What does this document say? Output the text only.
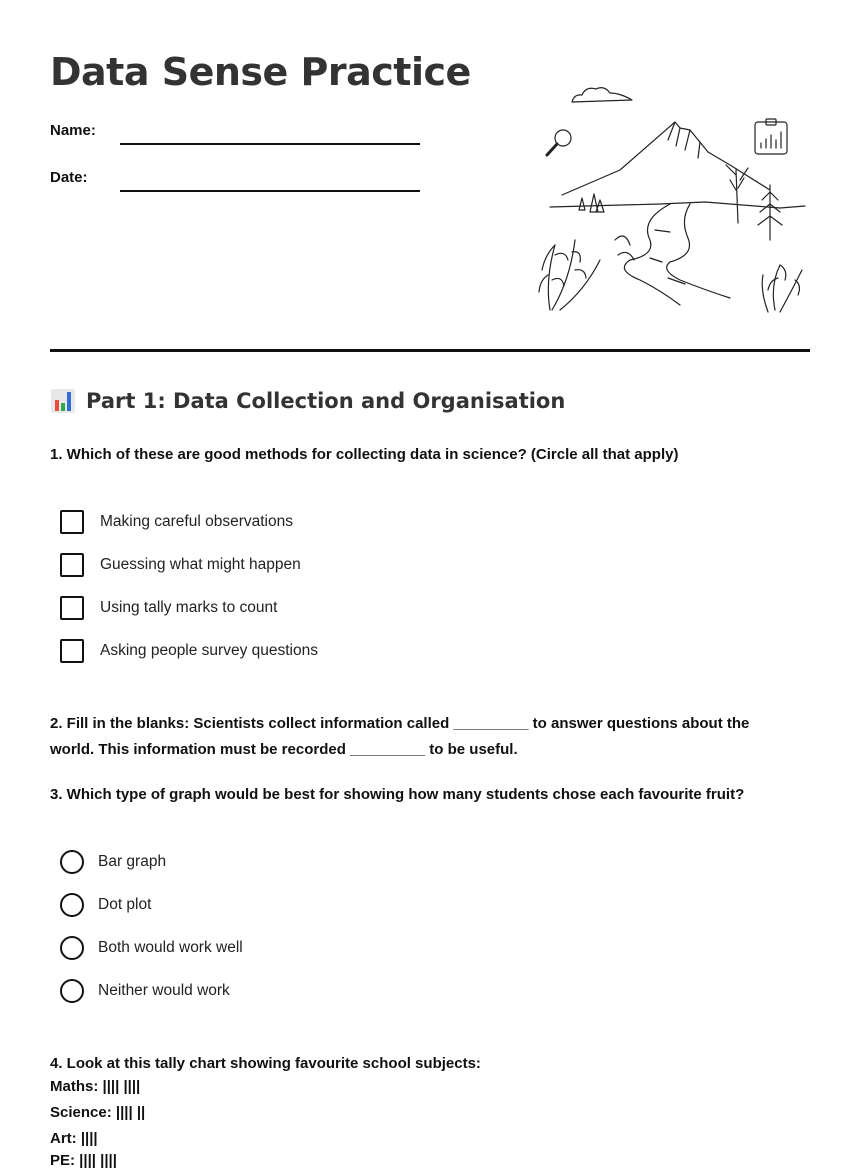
Data Sense Practice
Name:
Date:
Part 1: Data Collection and Organisation
1. Which of these are good methods for collecting data in science? (Circle all that apply)
Making careful observations
Guessing what might happen
Using tally marks to count
Asking people survey questions
2. Fill in the blanks: Scientists collect information called _________ to answer questions about the
world. This information must be recorded _________ to be useful.
3. Which type of graph would be best for showing how many students chose each favourite fruit?
Bar graph
Dot plot
Both would work well
Neither would work
4. Look at this tally chart showing favourite school subjects:
Maths: |||| ||||
Science: |||| ||
Art: ||||
PE: |||| ||||
